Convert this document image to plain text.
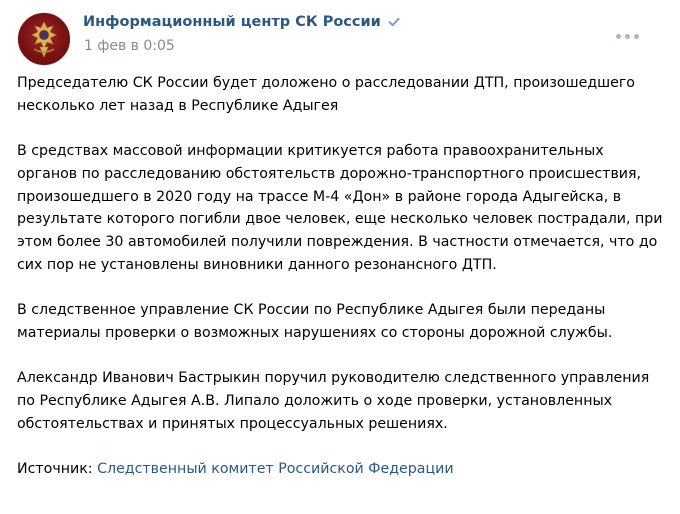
Информационный центр СК России
1 фев в 0:05

Председателю СК России будет доложено о расследовании ДТП, произошедшего несколько лет назад в Республике Адыгея

В средствах массовой информации критикуется работа правоохранительных органов по расследованию обстоятельств дорожно-транспортного происшествия, произошедшего в 2020 году на трассе М-4 «Дон» в районе города Адыгейска, в результате которого погибли двое человек, еще несколько человек пострадали, при этом более 30 автомобилей получили повреждения. В частности отмечается, что до сих пор не установлены виновники данного резонансного ДТП.

В следственное управление СК России по Республике Адыгея были переданы материалы проверки о возможных нарушениях со стороны дорожной службы.

Александр Иванович Бастрыкин поручил руководителю следственного управления по Республике Адыгея А.В. Липало доложить о ходе проверки, установленных обстоятельствах и принятых процессуальных решениях.

Источник: Следственный комитет Российской Федерации
